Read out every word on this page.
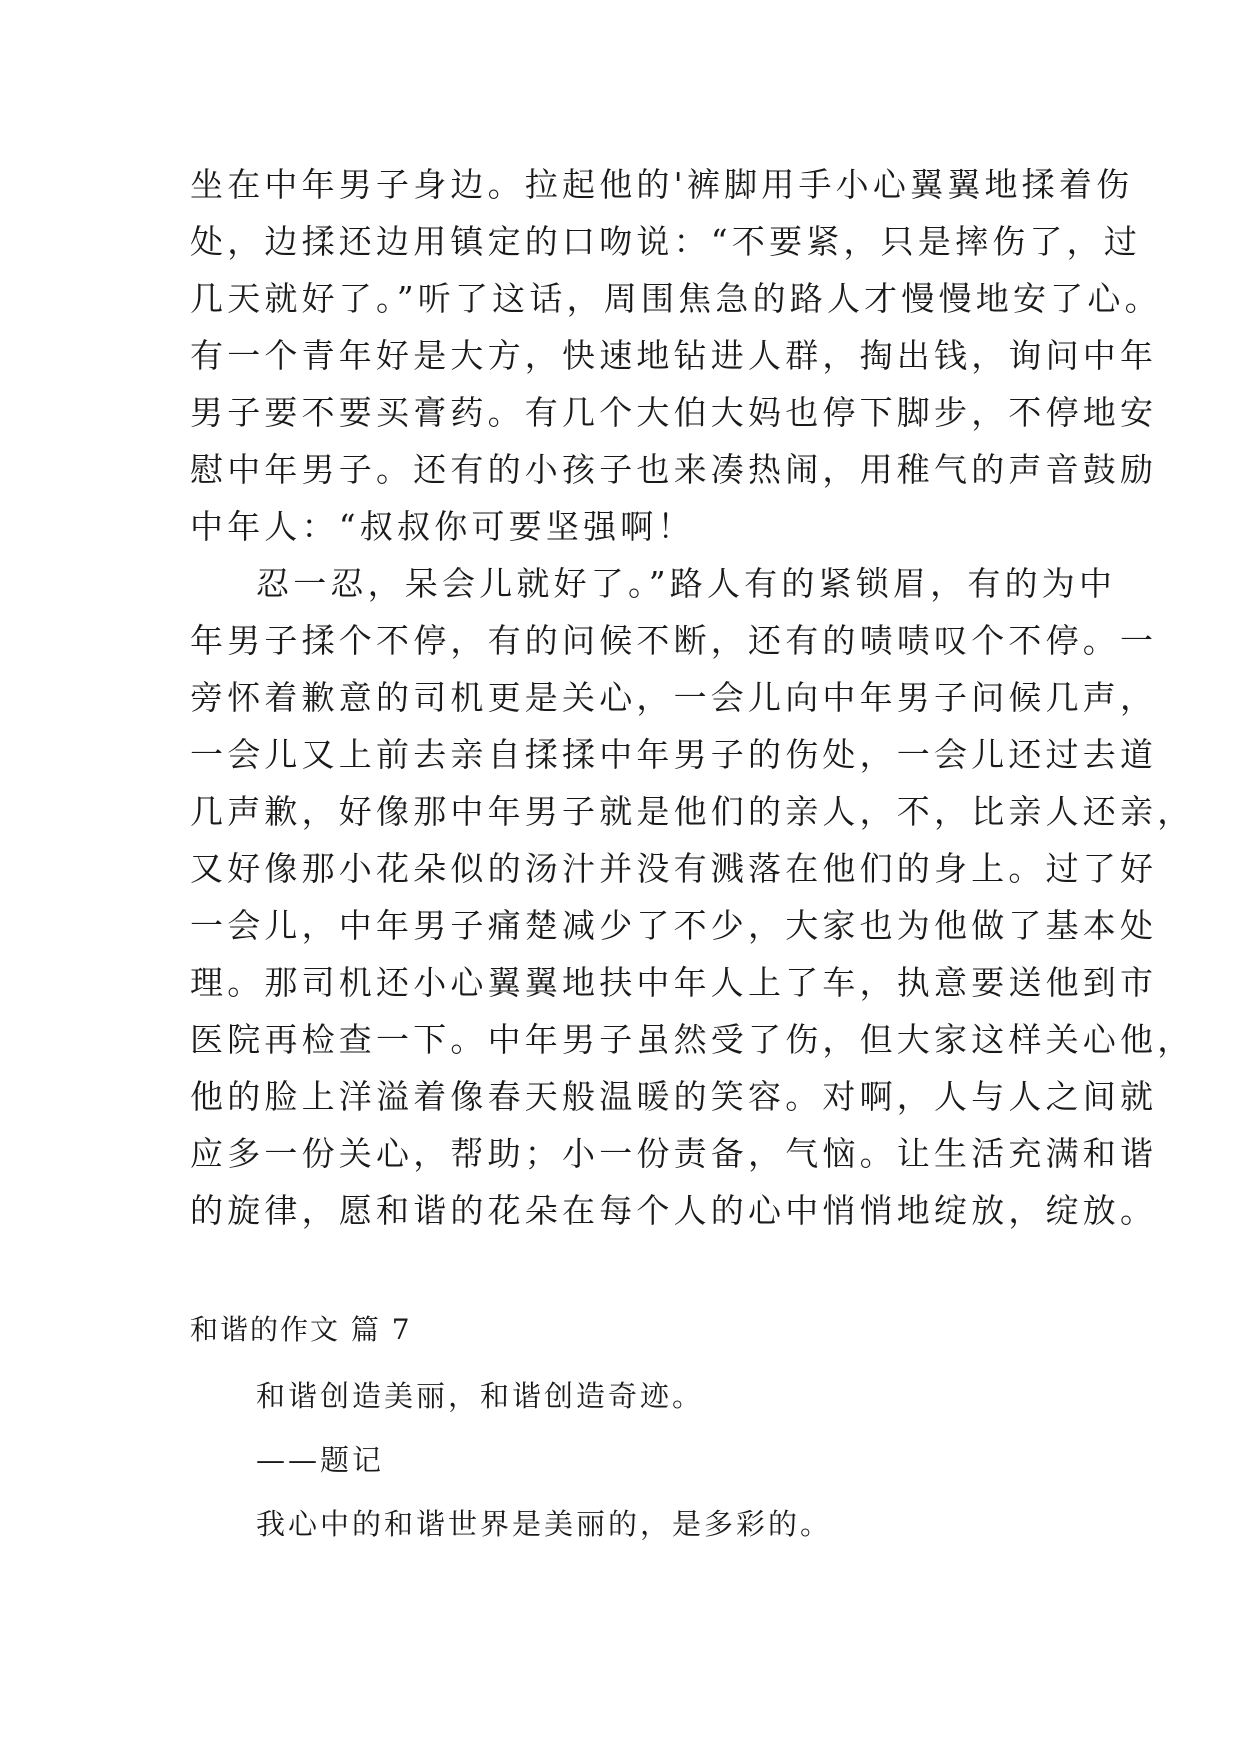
坐在中年男子身边。拉起他的'裤脚用手小心翼翼地揉着伤
处，边揉还边用镇定的口吻说：“不要紧，只是摔伤了，过
几天就好了。”听了这话，周围焦急的路人才慢慢地安了心。
有一个青年好是大方，快速地钻进人群，掏出钱，询问中年
男子要不要买膏药。有几个大伯大妈也停下脚步，不停地安
慰中年男子。还有的小孩子也来凑热闹，用稚气的声音鼓励
中年人：“叔叔你可要坚强啊！
忍一忍，呆会儿就好了。”路人有的紧锁眉，有的为中
年男子揉个不停，有的问候不断，还有的啧啧叹个不停。一
旁怀着歉意的司机更是关心，一会儿向中年男子问候几声，
一会儿又上前去亲自揉揉中年男子的伤处，一会儿还过去道
几声歉，好像那中年男子就是他们的亲人，不，比亲人还亲，
又好像那小花朵似的汤汁并没有溅落在他们的身上。过了好
一会儿，中年男子痛楚减少了不少，大家也为他做了基本处
理。那司机还小心翼翼地扶中年人上了车，执意要送他到市
医院再检查一下。中年男子虽然受了伤，但大家这样关心他，
他的脸上洋溢着像春天般温暖的笑容。对啊，人与人之间就
应多一份关心，帮助；小一份责备，气恼。让生活充满和谐
的旋律，愿和谐的花朵在每个人的心中悄悄地绽放，绽放。
和谐的作文 篇 7
和谐创造美丽，和谐创造奇迹。
——题记
我心中的和谐世界是美丽的，是多彩的。
